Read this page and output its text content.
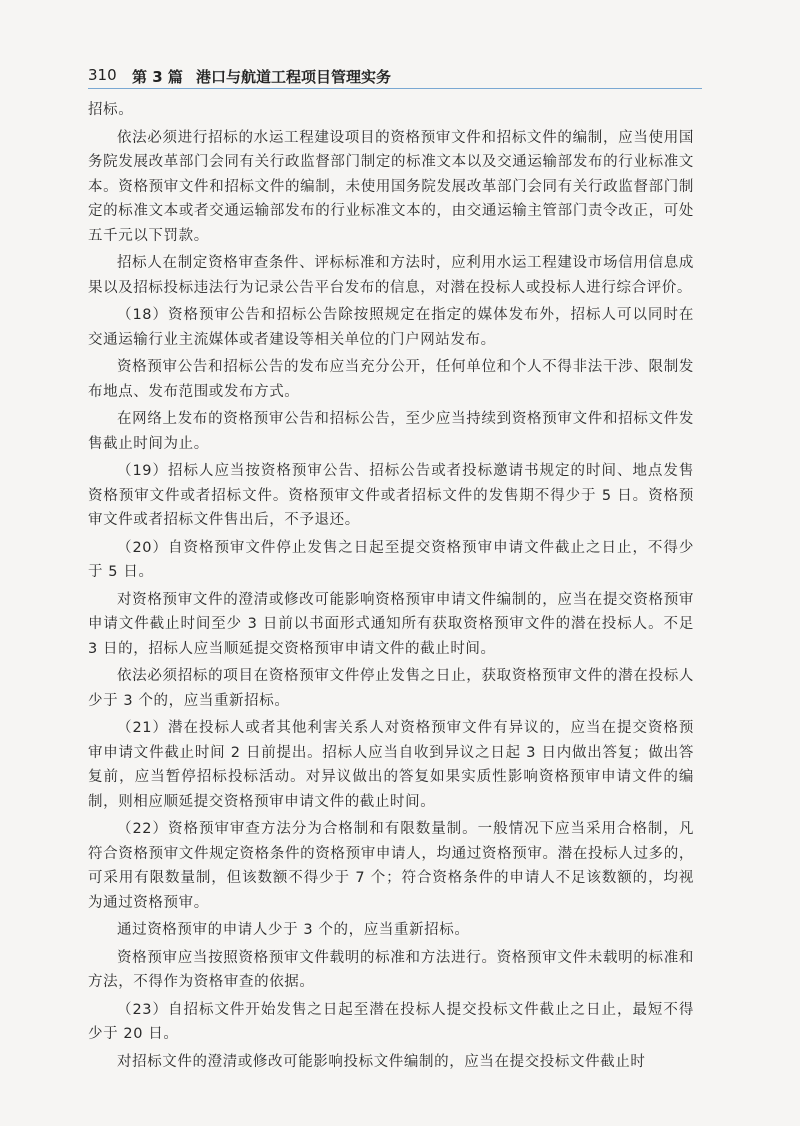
310 第 3 篇 港口与航道工程项目管理实务

招标。

依法必须进行招标的水运工程建设项目的资格预审文件和招标文件的编制，应当使用国务院发展改革部门会同有关行政监督部门制定的标准文本以及交通运输部发布的行业标准文本。资格预审文件和招标文件的编制，未使用国务院发展改革部门会同有关行政监督部门制定的标准文本或者交通运输部发布的行业标准文本的，由交通运输主管部门责令改正，可处五千元以下罚款。

招标人在制定资格审查条件、评标标准和方法时，应利用水运工程建设市场信用信息成果以及招标投标违法行为记录公告平台发布的信息，对潜在投标人或投标人进行综合评价。

（18）资格预审公告和招标公告除按照规定在指定的媒体发布外，招标人可以同时在交通运输行业主流媒体或者建设等相关单位的门户网站发布。

资格预审公告和招标公告的发布应当充分公开，任何单位和个人不得非法干涉、限制发布地点、发布范围或发布方式。

在网络上发布的资格预审公告和招标公告，至少应当持续到资格预审文件和招标文件发售截止时间为止。

（19）招标人应当按资格预审公告、招标公告或者投标邀请书规定的时间、地点发售资格预审文件或者招标文件。资格预审文件或者招标文件的发售期不得少于 5 日。资格预审文件或者招标文件售出后，不予退还。

（20）自资格预审文件停止发售之日起至提交资格预审申请文件截止之日止，不得少于 5 日。

对资格预审文件的澄清或修改可能影响资格预审申请文件编制的，应当在提交资格预审申请文件截止时间至少 3 日前以书面形式通知所有获取资格预审文件的潜在投标人。不足 3 日的，招标人应当顺延提交资格预审申请文件的截止时间。

依法必须招标的项目在资格预审文件停止发售之日止，获取资格预审文件的潜在投标人少于 3 个的，应当重新招标。

（21）潜在投标人或者其他利害关系人对资格预审文件有异议的，应当在提交资格预审申请文件截止时间 2 日前提出。招标人应当自收到异议之日起 3 日内做出答复；做出答复前，应当暂停招标投标活动。对异议做出的答复如果实质性影响资格预审申请文件的编制，则相应顺延提交资格预审申请文件的截止时间。

（22）资格预审审查方法分为合格制和有限数量制。一般情况下应当采用合格制，凡符合资格预审文件规定资格条件的资格预审申请人，均通过资格预审。潜在投标人过多的，可采用有限数量制，但该数额不得少于 7 个；符合资格条件的申请人不足该数额的，均视为通过资格预审。

通过资格预审的申请人少于 3 个的，应当重新招标。

资格预审应当按照资格预审文件载明的标准和方法进行。资格预审文件未载明的标准和方法，不得作为资格审查的依据。

（23）自招标文件开始发售之日起至潜在投标人提交投标文件截止之日止，最短不得少于 20 日。

对招标文件的澄清或修改可能影响投标文件编制的，应当在提交投标文件截止时
